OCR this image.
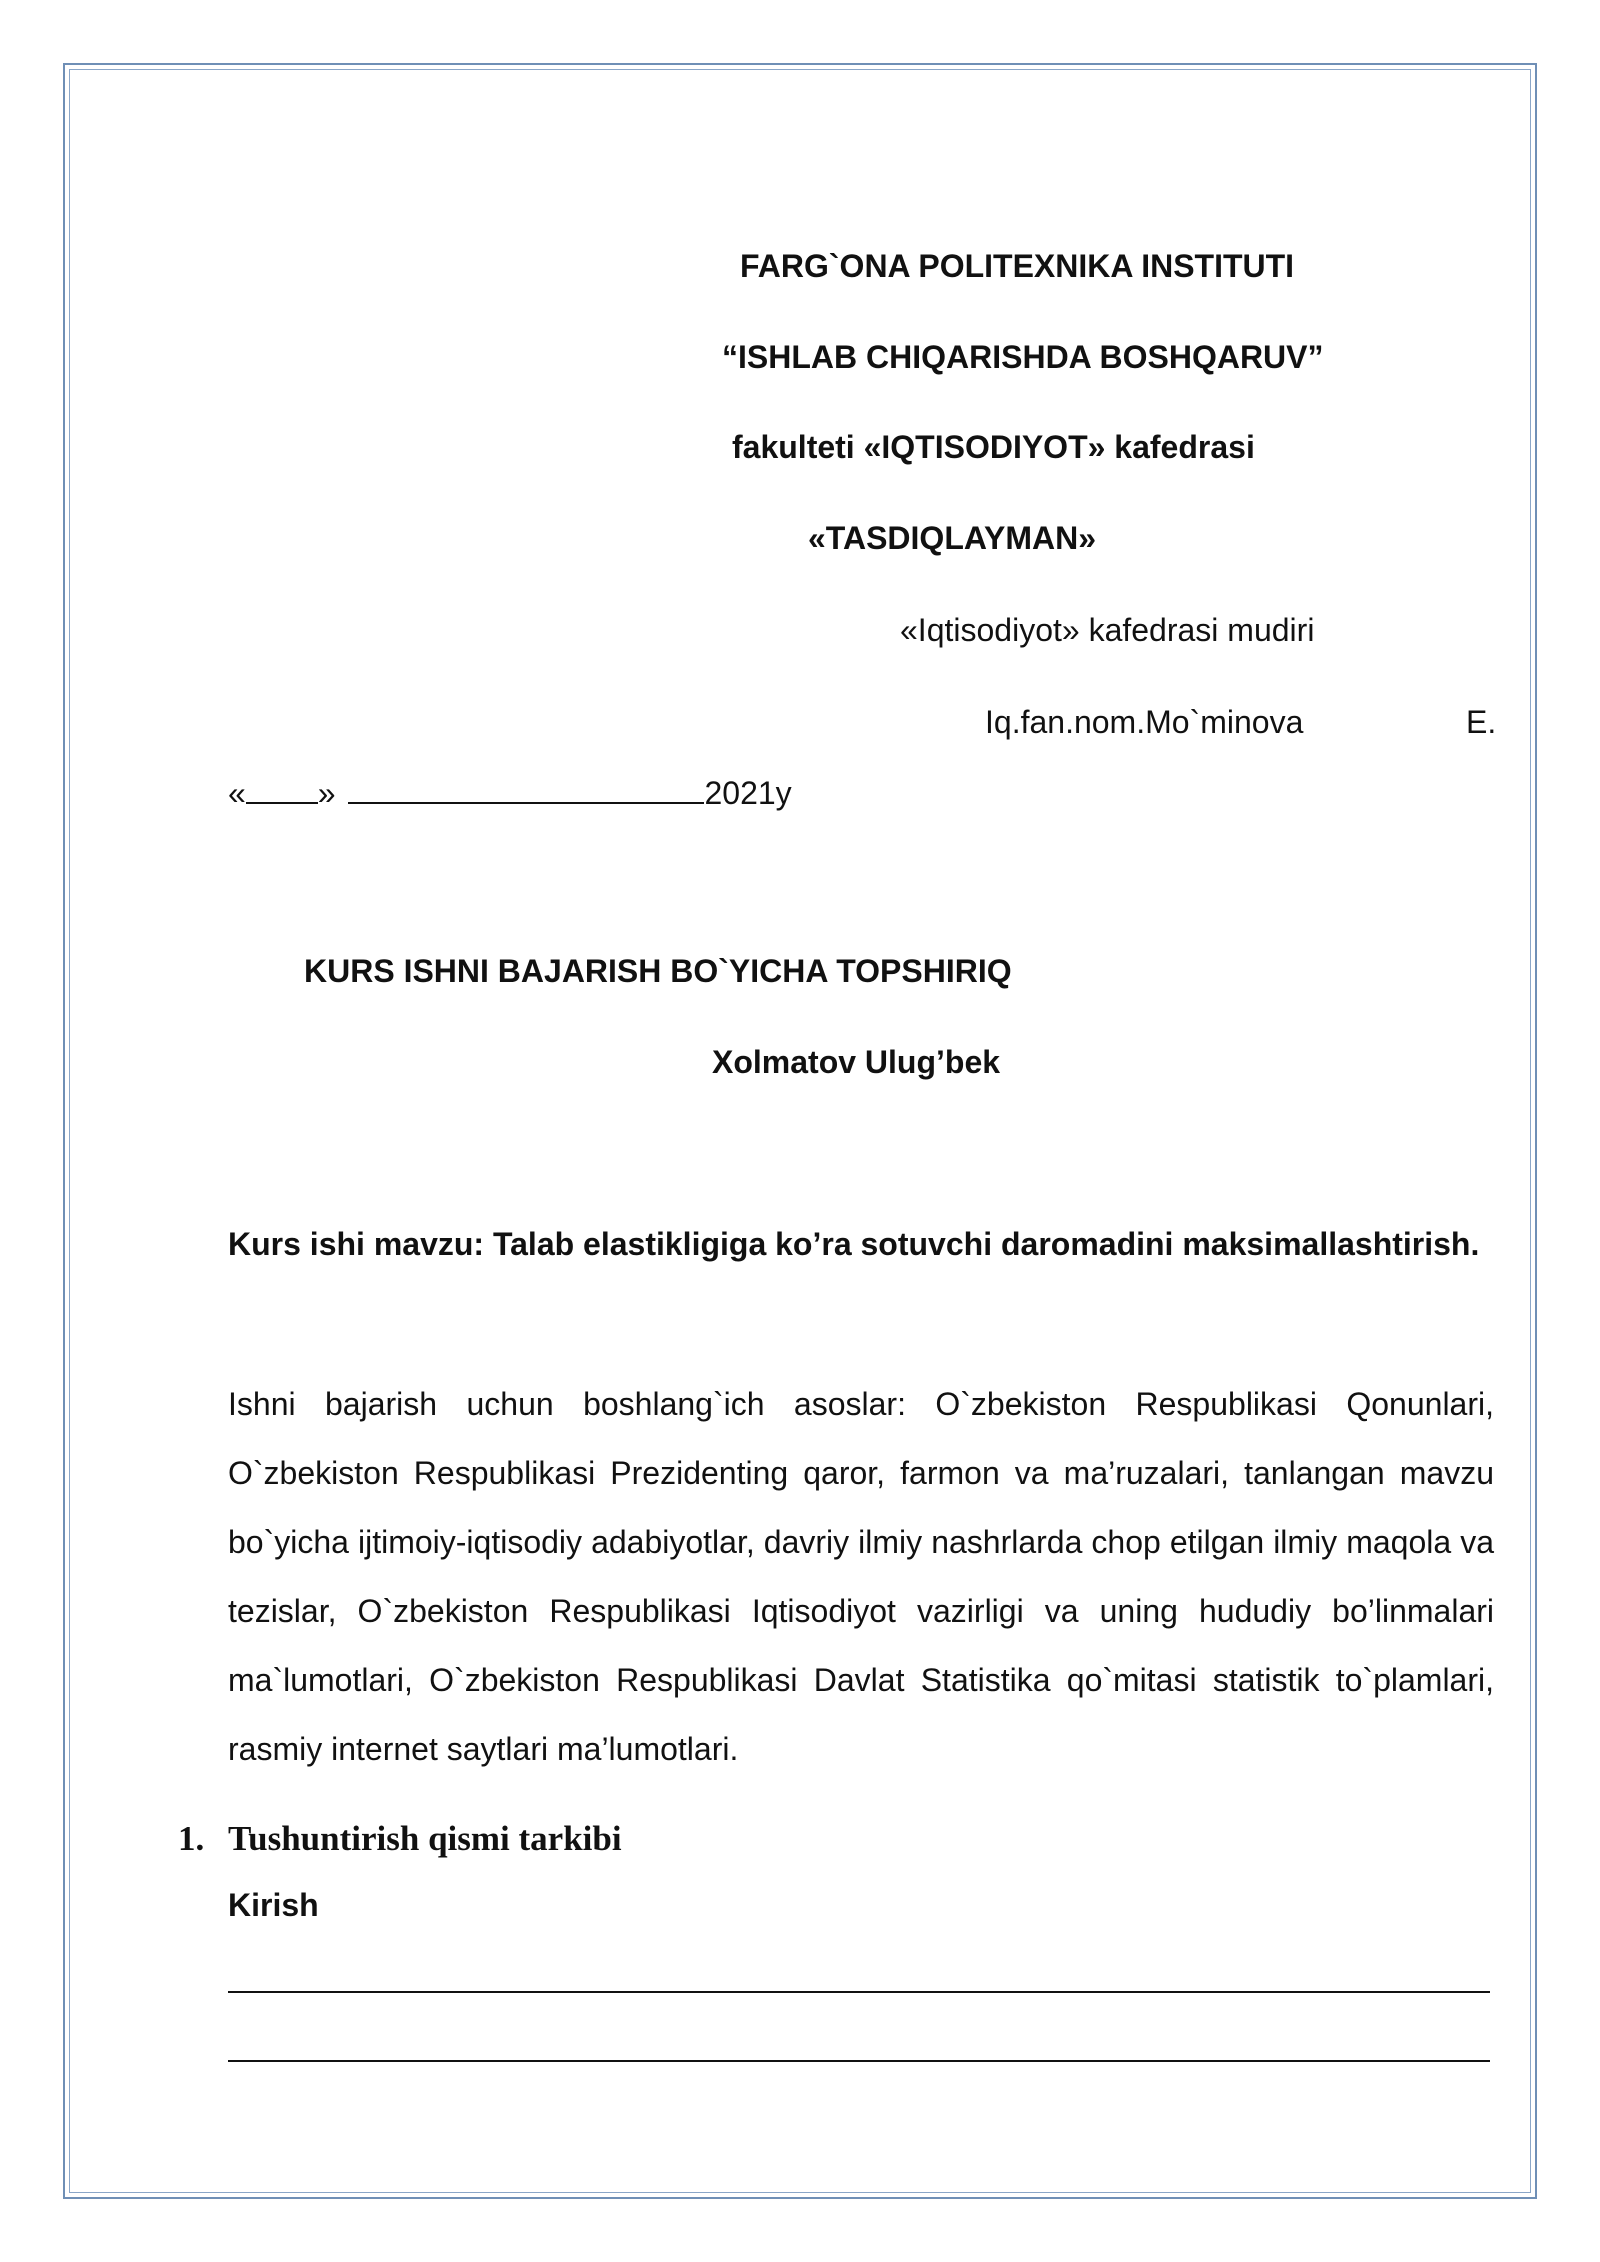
FARG`ONA POLITEXNIKA INSTITUTI
“ISHLAB CHIQARISHDA BOSHQARUV”
fakulteti «IQTISODIYOT» kafedrasi
«TASDIQLAYMAN»
«Iqtisodiyot» kafedrasi mudiri
Iq.fan.nom.Mo`minova	E.
« »	2021y
KURS ISHNI BAJARISH BO`YICHA TOPSHIRIQ
Xolmatov Ulug’bek
Kurs ishi mavzu: Talab elastikligiga ko’ra sotuvchi daromadini maksimallashtirish.
Ishni bajarish uchun boshlang`ich asoslar: O`zbekiston Respublikasi Qonunlari, O`zbekiston Respublikasi Prezidenting qaror, farmon va ma’ruzalari, tanlangan mavzu bo`yicha ijtimoiy-iqtisodiy adabiyotlar, davriy ilmiy nashrlarda chop etilgan ilmiy maqola va tezislar, O`zbekiston Respublikasi Iqtisodiyot vazirligi va uning hududiy bo’linmalari ma`lumotlari, O`zbekiston Respublikasi Davlat Statistika qo`mitasi statistik to`plamlari, rasmiy internet saytlari ma’lumotlari.
1. Tushuntirish qismi tarkibi
Kirish
